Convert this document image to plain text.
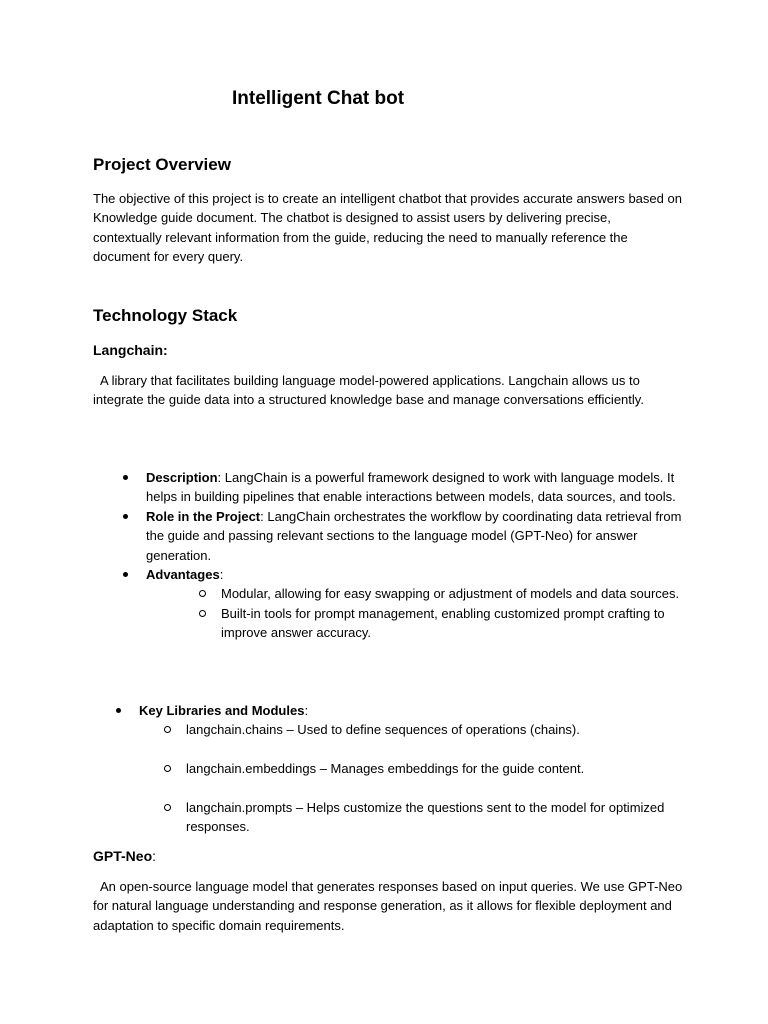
Intelligent Chat bot
Project Overview

The objective of this project is to create an intelligent chatbot that provides accurate answers based on Knowledge guide document. The chatbot is designed to assist users by delivering precise, contextually relevant information from the guide, reducing the need to manually reference the document for every query.

Technology Stack
Langchain:

A library that facilitates building language model-powered applications. Langchain allows us to integrate the guide data into a structured knowledge base and manage conversations efficiently.

Description: LangChain is a powerful framework designed to work with language models. It helps in building pipelines that enable interactions between models, data sources, and tools.
Role in the Project: LangChain orchestrates the workflow by coordinating data retrieval from the guide and passing relevant sections to the language model (GPT-Neo) for answer generation.
Advantages:
Modular, allowing for easy swapping or adjustment of models and data sources.
Built-in tools for prompt management, enabling customized prompt crafting to improve answer accuracy.
Key Libraries and Modules:
langchain.chains – Used to define sequences of operations (chains).
langchain.embeddings – Manages embeddings for the guide content.
langchain.prompts – Helps customize the questions sent to the model for optimized responses.
GPT-Neo:

An open-source language model that generates responses based on input queries. We use GPT-Neo for natural language understanding and response generation, as it allows for flexible deployment and adaptation to specific domain requirements.
